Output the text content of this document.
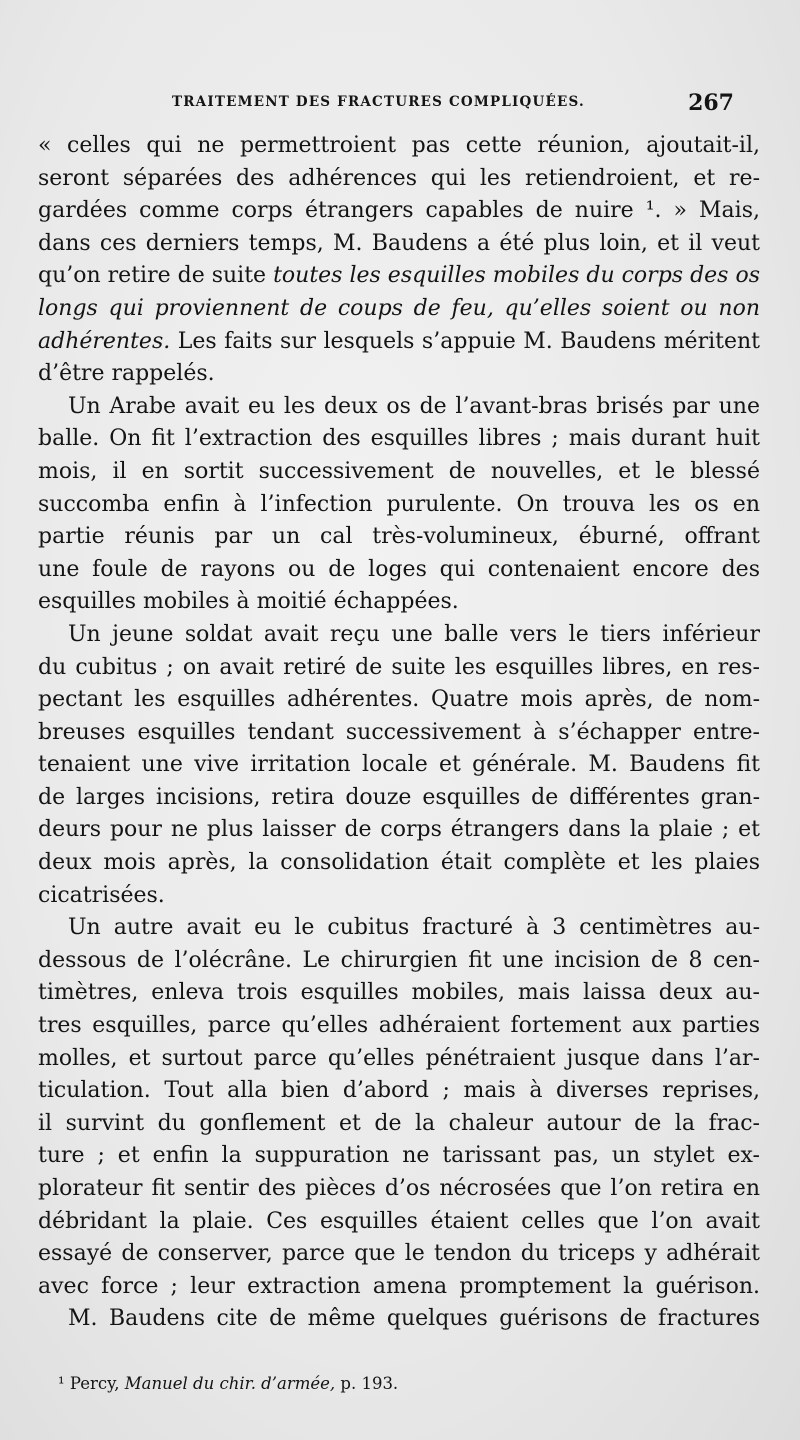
TRAITEMENT DES FRACTURES COMPLIQUÉES.	267
« celles qui ne permettroient pas cette réunion, ajoutait-il,
seront séparées des adhérences qui les retiendroient, et re-
gardées comme corps étrangers capables de nuire ¹. » Mais,
dans ces derniers temps, M. Baudens a été plus loin, et il veut
qu’on retire de suite toutes les esquilles mobiles du corps des os
longs qui proviennent de coups de feu, qu’elles soient ou non
adhérentes. Les faits sur lesquels s’appuie M. Baudens méritent
d’être rappelés.
Un Arabe avait eu les deux os de l’avant-bras brisés par une
balle. On fit l’extraction des esquilles libres ; mais durant huit
mois, il en sortit successivement de nouvelles, et le blessé
succomba enfin à l’infection purulente. On trouva les os en
partie réunis par un cal très-volumineux, éburné, offrant
une foule de rayons ou de loges qui contenaient encore des
esquilles mobiles à moitié échappées.
Un jeune soldat avait reçu une balle vers le tiers inférieur
du cubitus ; on avait retiré de suite les esquilles libres, en res-
pectant les esquilles adhérentes. Quatre mois après, de nom-
breuses esquilles tendant successivement à s’échapper entre-
tenaient une vive irritation locale et générale. M. Baudens fit
de larges incisions, retira douze esquilles de différentes gran-
deurs pour ne plus laisser de corps étrangers dans la plaie ; et
deux mois après, la consolidation était complète et les plaies
cicatrisées.
Un autre avait eu le cubitus fracturé à 3 centimètres au-
dessous de l’olécrâne. Le chirurgien fit une incision de 8 cen-
timètres, enleva trois esquilles mobiles, mais laissa deux au-
tres esquilles, parce qu’elles adhéraient fortement aux parties
molles, et surtout parce qu’elles pénétraient jusque dans l’ar-
ticulation. Tout alla bien d’abord ; mais à diverses reprises,
il survint du gonflement et de la chaleur autour de la frac-
ture ; et enfin la suppuration ne tarissant pas, un stylet ex-
plorateur fit sentir des pièces d’os nécrosées que l’on retira en
débridant la plaie. Ces esquilles étaient celles que l’on avait
essayé de conserver, parce que le tendon du triceps y adhérait
avec force ; leur extraction amena promptement la guérison.
M. Baudens cite de même quelques guérisons de fractures
¹ Percy, Manuel du chir. d’armée, p. 193.
